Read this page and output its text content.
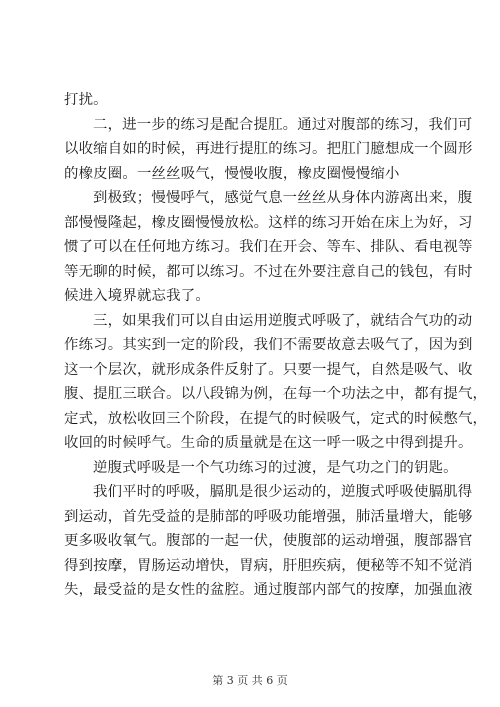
打扰。
二，进一步的练习是配合提肛。通过对腹部的练习，我们可
以收缩自如的时候，再进行提肛的练习。把肛门臆想成一个圆形
的橡皮圈。一丝丝吸气，慢慢收腹，橡皮圈慢慢缩小
到极致；慢慢呼气，感觉气息一丝丝从身体内游离出来，腹
部慢慢隆起，橡皮圈慢慢放松。这样的练习开始在床上为好，习
惯了可以在任何地方练习。我们在开会、等车、排队、看电视等
等无聊的时候，都可以练习。不过在外要注意自己的钱包，有时
候进入境界就忘我了。
三，如果我们可以自由运用逆腹式呼吸了，就结合气功的动
作练习。其实到一定的阶段，我们不需要故意去吸气了，因为到
这一个层次，就形成条件反射了。只要一提气，自然是吸气、收
腹、提肛三联合。以八段锦为例，在每一个功法之中，都有提气，
定式，放松收回三个阶段，在提气的时候吸气，定式的时候憋气，
收回的时候呼气。生命的质量就是在这一呼一吸之中得到提升。
逆腹式呼吸是一个气功练习的过渡，是气功之门的钥匙。
我们平时的呼吸，膈肌是很少运动的，逆腹式呼吸使膈肌得
到运动，首先受益的是肺部的呼吸功能增强，肺活量增大，能够
更多吸收氧气。腹部的一起一伏，使腹部的运动增强，腹部器官
得到按摩，胃肠运动增快，胃病，肝胆疾病，便秘等不知不觉消
失，最受益的是女性的盆腔。通过腹部内部气的按摩，加强血液
第 3 页 共 6 页
